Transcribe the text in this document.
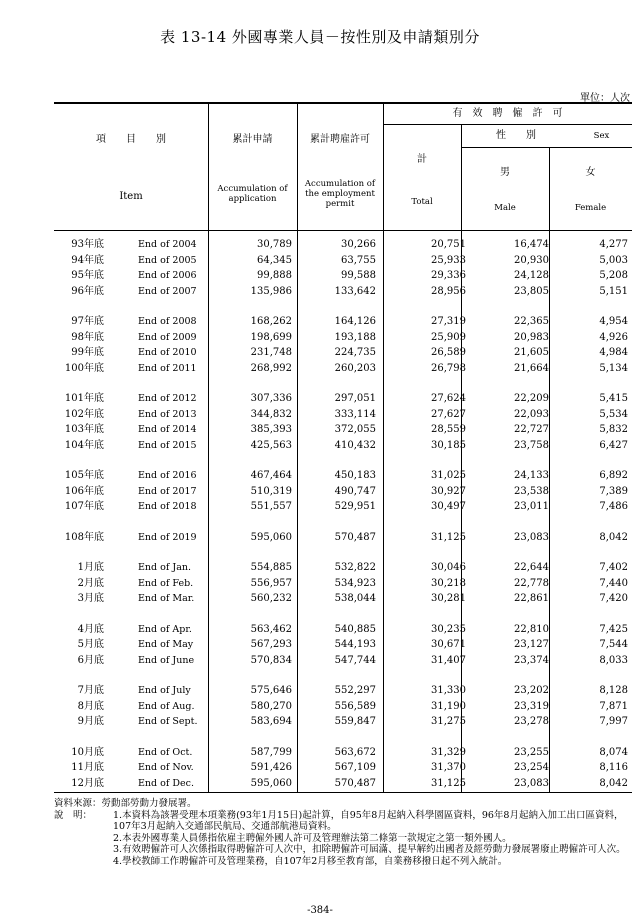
表 13-14 外國專業人員－按性別及申請類別分
單位：人次
項　　目　　別
Item
累計申請
Accumulation of application
累計聘雇許可
Accumulation of the employment permit
有　效　聘　僱　許　可
計
Total
性　　別	Sex
男
Male
女
Female
93年底	End of 2004	30,789	30,266	20,751	16,474	4,277
94年底	End of 2005	64,345	63,755	25,933	20,930	5,003
95年底	End of 2006	99,888	99,588	29,336	24,128	5,208
96年底	End of 2007	135,986	133,642	28,956	23,805	5,151
97年底	End of 2008	168,262	164,126	27,319	22,365	4,954
98年底	End of 2009	198,699	193,188	25,909	20,983	4,926
99年底	End of 2010	231,748	224,735	26,589	21,605	4,984
100年底	End of 2011	268,992	260,203	26,798	21,664	5,134
101年底	End of 2012	307,336	297,051	27,624	22,209	5,415
102年底	End of 2013	344,832	333,114	27,627	22,093	5,534
103年底	End of 2014	385,393	372,055	28,559	22,727	5,832
104年底	End of 2015	425,563	410,432	30,185	23,758	6,427
105年底	End of 2016	467,464	450,183	31,025	24,133	6,892
106年底	End of 2017	510,319	490,747	30,927	23,538	7,389
107年底	End of 2018	551,557	529,951	30,497	23,011	7,486
108年底	End of 2019	595,060	570,487	31,125	23,083	8,042
1月底	End of Jan.	554,885	532,822	30,046	22,644	7,402
2月底	End of Feb.	556,957	534,923	30,218	22,778	7,440
3月底	End of Mar.	560,232	538,044	30,281	22,861	7,420
4月底	End of Apr.	563,462	540,885	30,235	22,810	7,425
5月底	End of May	567,293	544,193	30,671	23,127	7,544
6月底	End of June	570,834	547,744	31,407	23,374	8,033
7月底	End of July	575,646	552,297	31,330	23,202	8,128
8月底	End of Aug.	580,270	556,589	31,190	23,319	7,871
9月底	End of Sept.	583,694	559,847	31,275	23,278	7,997
10月底	End of Oct.	587,799	563,672	31,329	23,255	8,074
11月底	End of Nov.	591,426	567,109	31,370	23,254	8,116
12月底	End of Dec.	595,060	570,487	31,125	23,083	8,042
資料來源：勞動部勞動力發展署。
說　明： 1.本資料為該署受理本項業務(93年1月15日)起計算，自95年8月起納入科學園區資料，96年8月起納入加工出口區資料，107年3月起納入交通部民航局、交通部航港局資料。
2.本表外國專業人員係指依雇主聘僱外國人許可及管理辦法第二條第一款規定之第一類外國人。
3.有效聘僱許可人次係指取得聘僱許可人次中，扣除聘僱許可屆滿、提早解約出國者及經勞動力發展署廢止聘僱許可人次。
4.學校教師工作聘僱許可及管理業務，自107年2月移至教育部，自業務移撥日起不列入統計。
-384-
